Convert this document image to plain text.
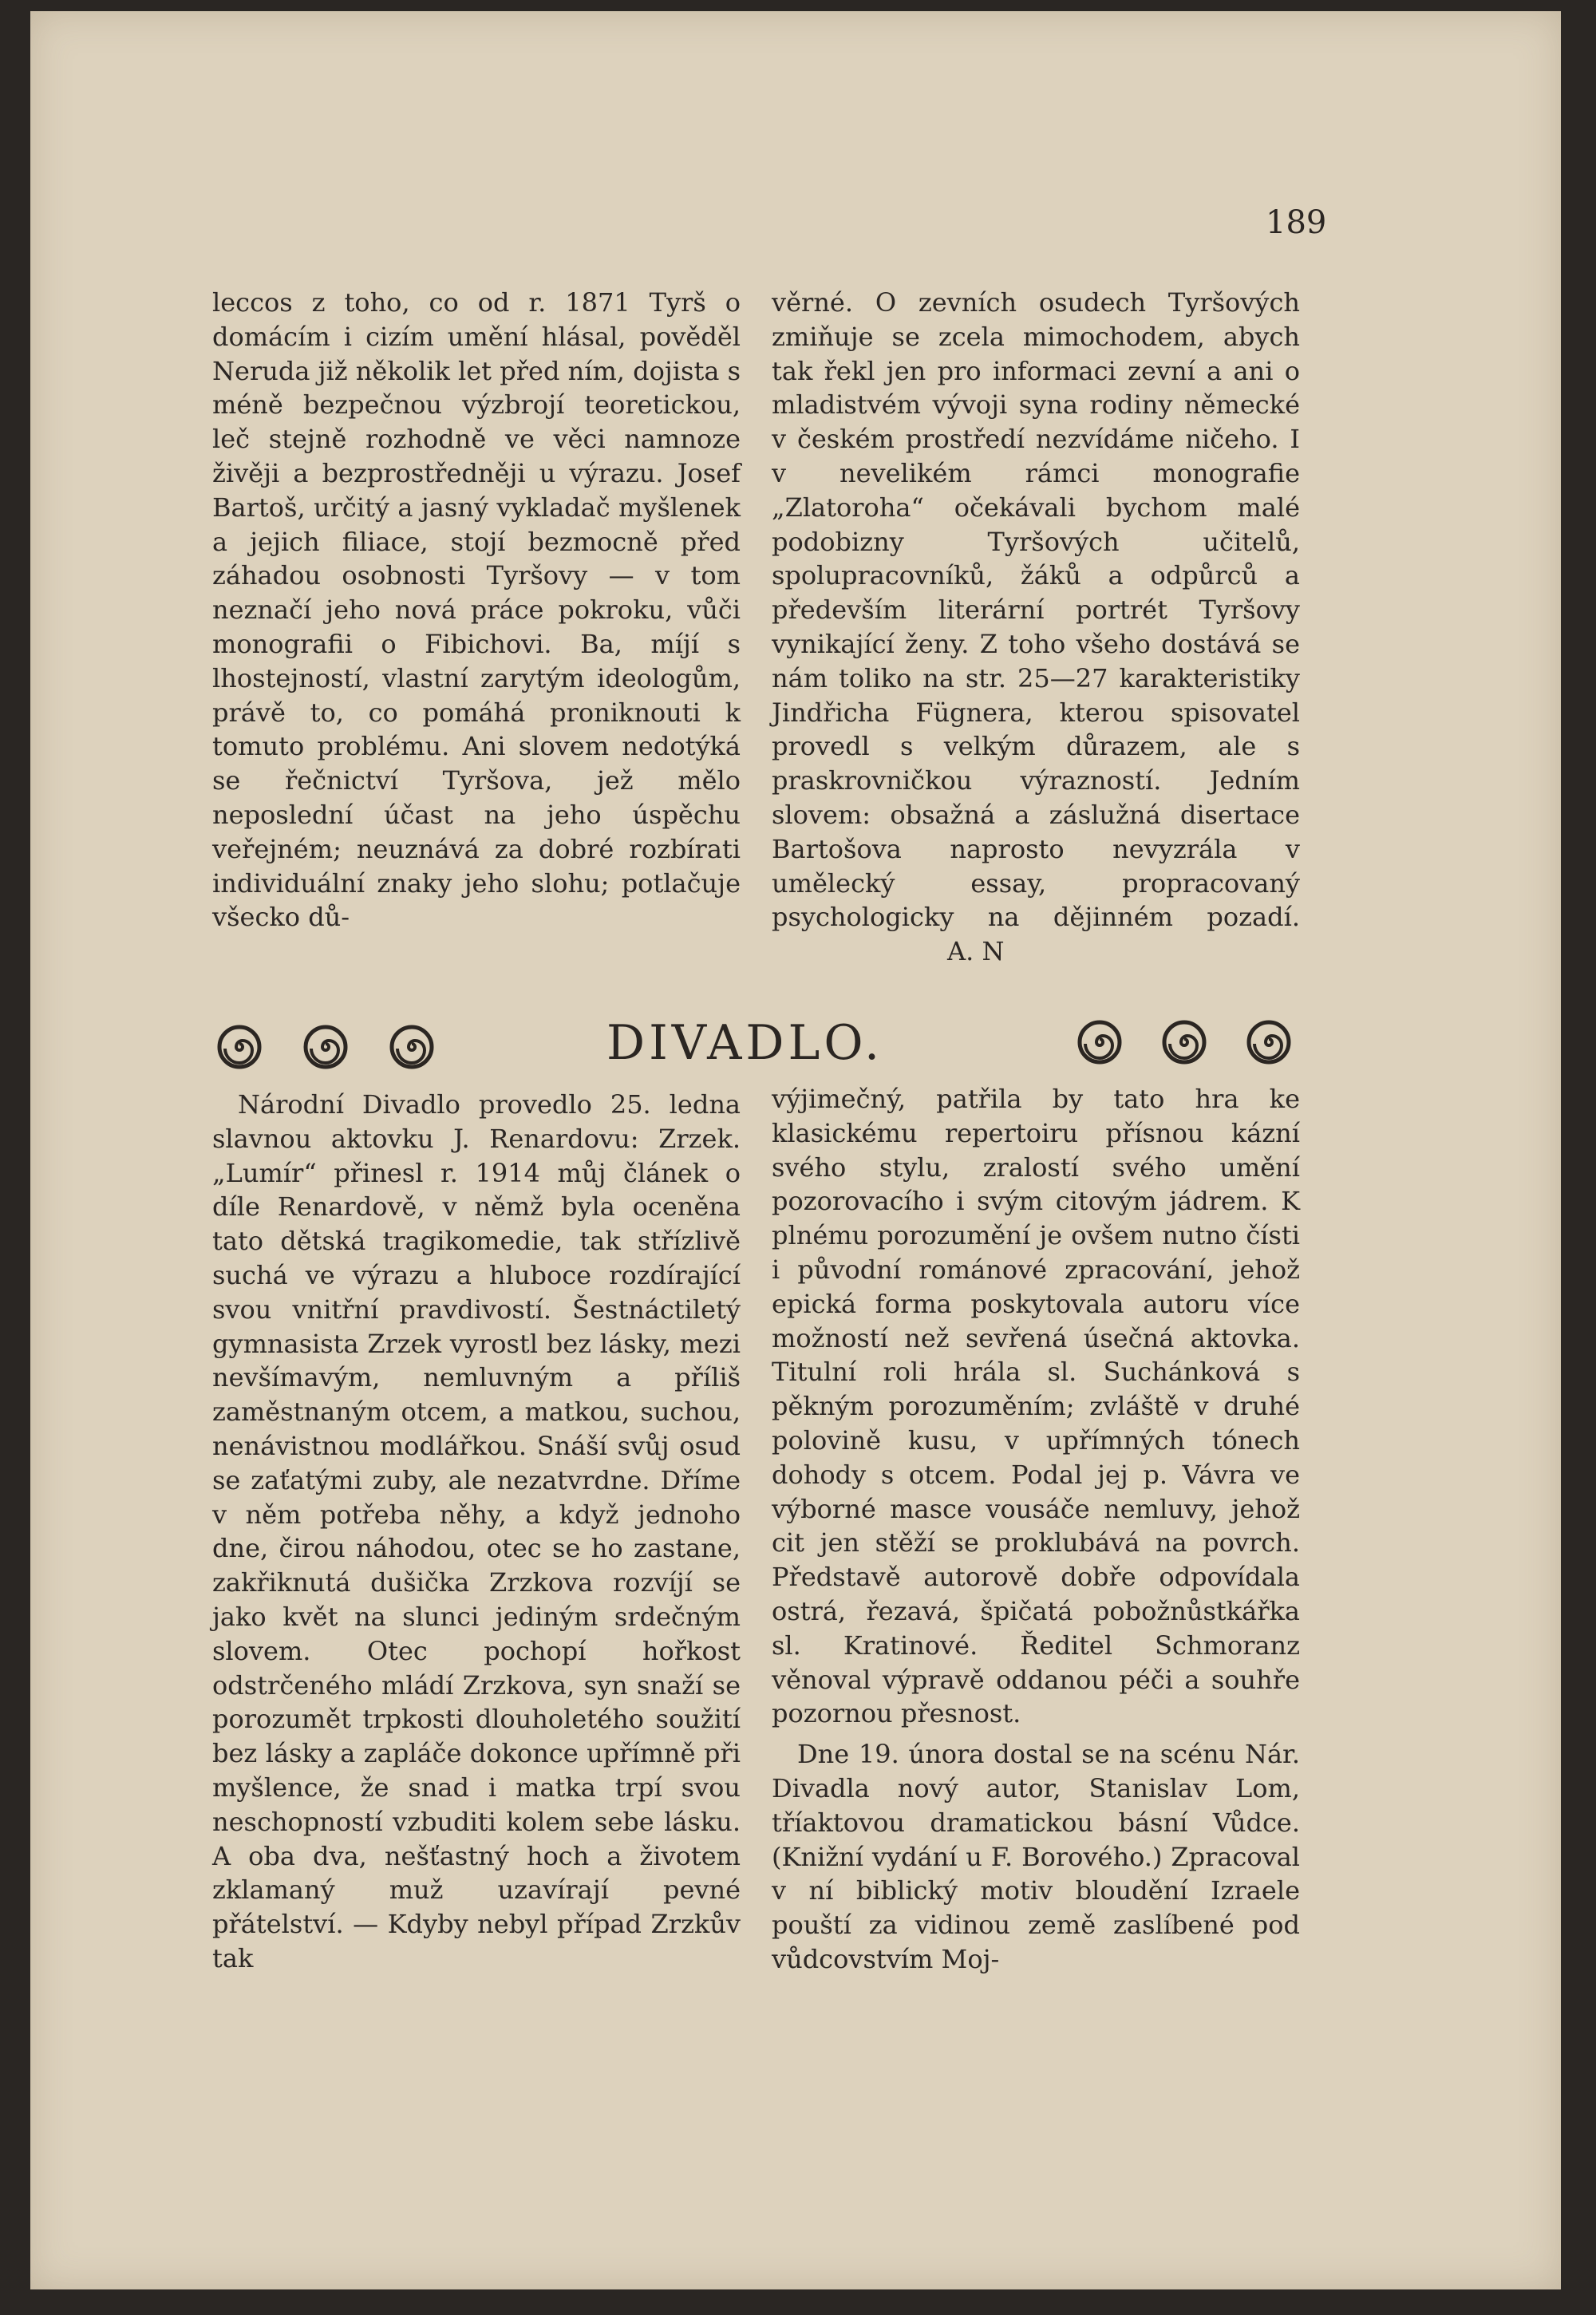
189

leccos z toho, co od r. 1871 Tyrš o domácím i cizím umění hlásal, pověděl Neruda již několik let před ním, dojista s méně bezpečnou výzbrojí teoretickou, leč stejně rozhodně ve věci namnoze živěji a bezprostředněji u výrazu. Josef Bartoš, určitý a jasný vykladač myšlenek a jejich filiace, stojí bezmocně před záhadou osobnosti Tyršovy — v tom neznačí jeho nová práce pokroku, vůči monografii o Fibichovi. Ba, míjí s lhostejností, vlastní zarytým ideologům, právě to, co pomáhá proniknouti k tomuto problému. Ani slovem nedotýká se řečnictví Tyršova, jež mělo neposlední účast na jeho úspěchu veřejném; neuznává za dobré rozbírati individuální znaky jeho slohu; potlačuje všecko dů-

věrné. O zevních osudech Tyršových zmiňuje se zcela mimochodem, abych tak řekl jen pro informaci zevní a ani o mladistvém vývoji syna rodiny německé v českém prostředí nezvídáme ničeho. I v nevelikém rámci monografie „Zlatoroha“ očekávali bychom malé podobizny Tyršových učitelů, spolupracovníků, žáků a odpůrců a především literární portrét Tyršovy vynikající ženy. Z toho všeho dostává se nám toliko na str. 25—27 karakteristiky Jindřicha Fügnera, kterou spisovatel provedl s velkým důrazem, ale s praskrovničkou výrazností. Jedním slovem: obsažná a záslužná disertace Bartošova naprosto nevyzrála v umělecký essay, propracovaný psychologicky na dějinném pozadí.A. N

DIVADLO.

Národní Divadlo provedlo 25. ledna slavnou aktovku J. Renardovu: Zrzek. „Lumír“ přinesl r. 1914 můj článek o díle Renardově, v němž byla oceněna tato dětská tragikomedie, tak střízlivě suchá ve výrazu a hluboce rozdírající svou vnitřní pravdivostí. Šestnáctiletý gymnasista Zrzek vyrostl bez lásky, mezi nevšímavým, nemluvným a příliš zaměstnaným otcem, a matkou, suchou, nenávistnou modlářkou. Snáší svůj osud se zaťatými zuby, ale nezatvrdne. Dříme v něm potřeba něhy, a když jednoho dne, čirou náhodou, otec se ho zastane, zakřiknutá dušička Zrzkova rozvíjí se jako květ na slunci jediným srdečným slovem. Otec pochopí hořkost odstrčeného mládí Zrzkova, syn snaží se porozumět trpkosti dlouholetého soužití bez lásky a zapláče dokonce upřímně při myšlence, že snad i matka trpí svou neschopností vzbuditi kolem sebe lásku. A oba dva, nešťastný hoch a životem zklamaný muž uzavírají pevné přátelství. — Kdyby nebyl případ Zrzkův tak

výjimečný, patřila by tato hra ke klasickému repertoiru přísnou kázní svého stylu, zralostí svého umění pozorovacího i svým citovým jádrem. K plnému porozumění je ovšem nutno čísti i původní románové zpracování, jehož epická forma poskytovala autoru více možností než sevřená úsečná aktovka. Titulní roli hrála sl. Suchánková s pěkným porozuměním; zvláště v druhé polovině kusu, v upřímných tónech dohody s otcem. Podal jej p. Vávra ve výborné masce vousáče nemluvy, jehož cit jen stěží se proklubává na povrch. Představě autorově dobře odpovídala ostrá, řezavá, špičatá pobožnůstkářka sl. Kratinové. Ředitel Schmoranz věnoval výpravě oddanou péči a souhře pozornou přesnost.

Dne 19. února dostal se na scénu Nár. Divadla nový autor, Stanislav Lom, tříaktovou dramatickou básní Vůdce. (Knižní vydání u F. Borového.) Zpracoval v ní biblický motiv bloudění Izraele pouští za vidinou země zaslíbené pod vůdcovstvím Moj-
